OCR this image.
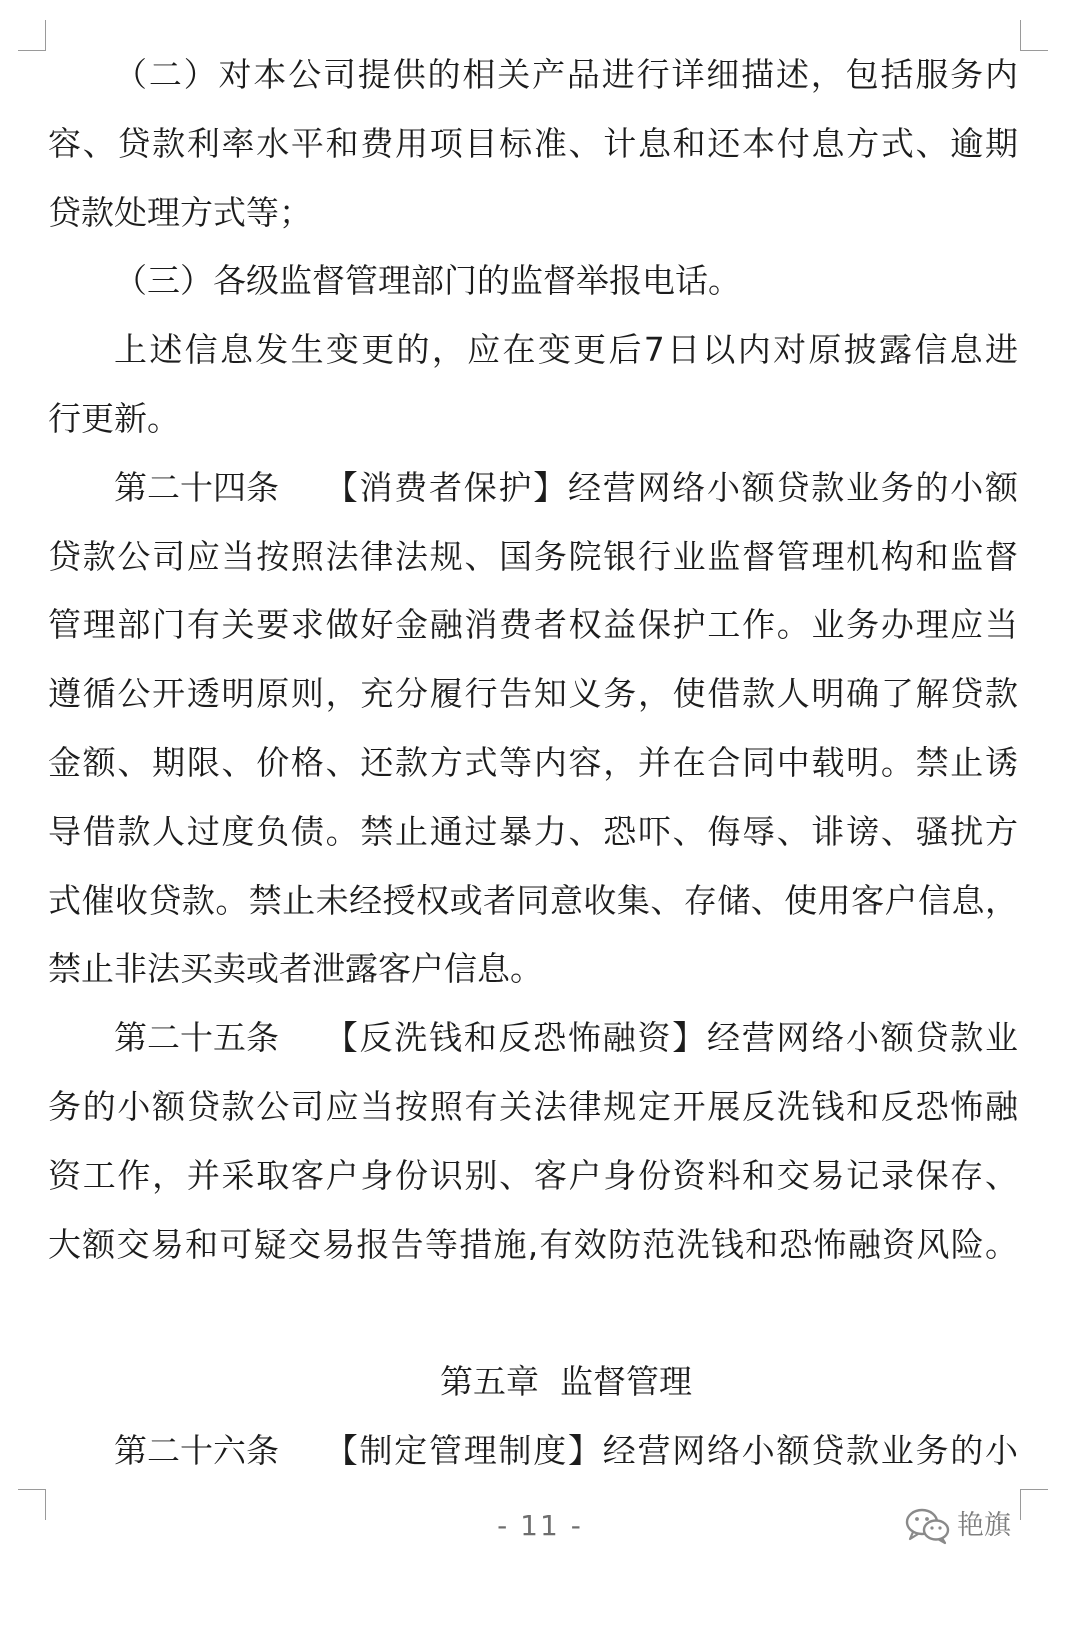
（二）对本公司提供的相关产品进行详细描述，包括服务内
容、贷款利率水平和费用项目标准、计息和还本付息方式、逾期
贷款处理方式等；
（三）各级监督管理部门的监督举报电话。
上述信息发生变更的，应在变更后7日以内对原披露信息进
行更新。
第二十四条 【消费者保护】经营网络小额贷款业务的小额
贷款公司应当按照法律法规、国务院银行业监督管理机构和监督
管理部门有关要求做好金融消费者权益保护工作。业务办理应当
遵循公开透明原则，充分履行告知义务，使借款人明确了解贷款
金额、期限、价格、还款方式等内容，并在合同中载明。禁止诱
导借款人过度负债。禁止通过暴力、恐吓、侮辱、诽谤、骚扰方
式催收贷款。禁止未经授权或者同意收集、存储、使用客户信息，
禁止非法买卖或者泄露客户信息。
第二十五条 【反洗钱和反恐怖融资】经营网络小额贷款业
务的小额贷款公司应当按照有关法律规定开展反洗钱和反恐怖融
资工作，并采取客户身份识别、客户身份资料和交易记录保存、
大额交易和可疑交易报告等措施,有效防范洗钱和恐怖融资风险。
第五章  监督管理
第二十六条 【制定管理制度】经营网络小额贷款业务的小
- 11 -	艳旗
